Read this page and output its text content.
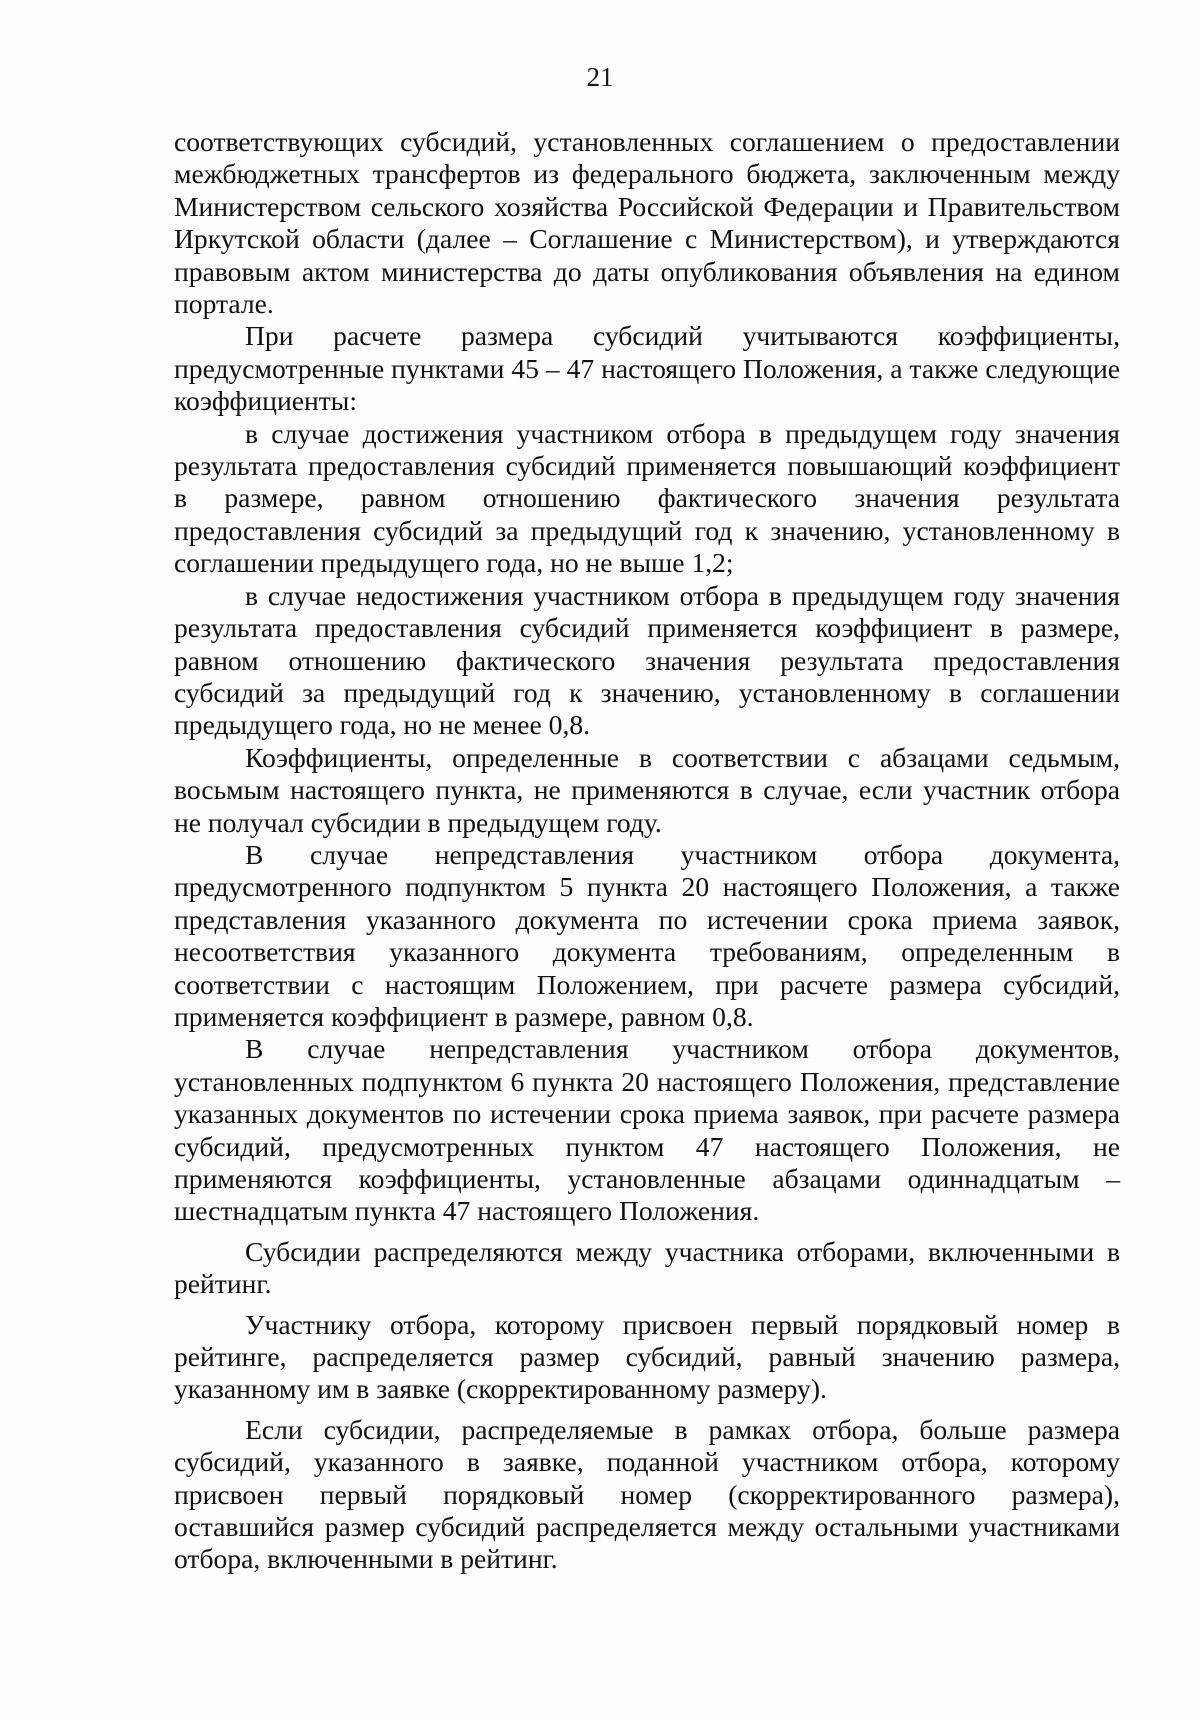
21

соответствующих субсидий, установленных соглашением о предоставлении межбюджетных трансфертов из федерального бюджета, заключенным между Министерством сельского хозяйства Российской Федерации и Правительством Иркутской области (далее – Соглашение с Министерством), и утверждаются правовым актом министерства до даты опубликования объявления на едином портале.

При расчете размера субсидий учитываются коэффициенты, предусмотренные пунктами 45 – 47 настоящего Положения, а также следующие коэффициенты:

в случае достижения участником отбора в предыдущем году значения результата предоставления субсидий применяется повышающий коэффициент в размере, равном отношению фактического значения результата предоставления субсидий за предыдущий год к значению, установленному в соглашении предыдущего года, но не выше 1,2;

в случае недостижения участником отбора в предыдущем году значения результата предоставления субсидий применяется коэффициент в размере, равном отношению фактического значения результата предоставления субсидий за предыдущий год к значению, установленному в соглашении предыдущего года, но не менее 0,8.

Коэффициенты, определенные в соответствии с абзацами седьмым, восьмым настоящего пункта, не применяются в случае, если участник отбора не получал субсидии в предыдущем году.

В случае непредставления участником отбора документа, предусмотренного подпунктом 5 пункта 20 настоящего Положения, а также представления указанного документа по истечении срока приема заявок, несоответствия указанного документа требованиям, определенным в соответствии с настоящим Положением, при расчете размера субсидий, применяется коэффициент в размере, равном 0,8.

В случае непредставления участником отбора документов, установленных подпунктом 6 пункта 20 настоящего Положения, представление указанных документов по истечении срока приема заявок, при расчете размера субсидий, предусмотренных пунктом 47 настоящего Положения, не применяются коэффициенты, установленные абзацами одиннадцатым – шестнадцатым пункта 47 настоящего Положения.

Субсидии распределяются между участника отборами, включенными в рейтинг.

Участнику отбора, которому присвоен первый порядковый номер в рейтинге, распределяется размер субсидий, равный значению размера, указанному им в заявке (скорректированному размеру).

Если субсидии, распределяемые в рамках отбора, больше размера субсидий, указанного в заявке, поданной участником отбора, которому присвоен первый порядковый номер (скорректированного размера), оставшийся размер субсидий распределяется между остальными участниками отбора, включенными в рейтинг.
